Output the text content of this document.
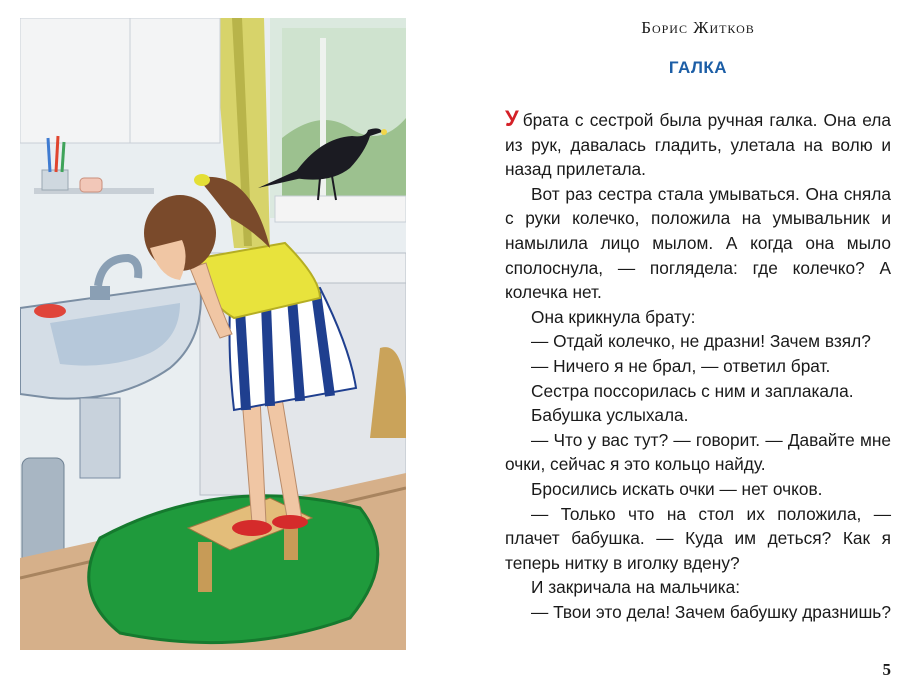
Борис Житков
ГАЛКА

У брата с сестрой была ручная галка. Она ела из рук, давалась гладить, улетала на волю и назад прилетала.

Вот раз сестра стала умываться. Она сняла с руки колечко, положила на умывальник и намылила лицо мылом. А когда она мыло сполоснула, — поглядела: где колечко? А колечка нет.

Она крикнула брату:

— Отдай колечко, не дразни! Зачем взял?

— Ничего я не брал, — ответил брат.

Сестра поссорилась с ним и заплакала.

Бабушка услыхала.

— Что у вас тут? — говорит. — Давайте мне очки, сейчас я это кольцо найду.

Бросились искать очки — нет очков.

— Только что на стол их положила, — плачет бабушка. — Куда им деться? Как я теперь нитку в иголку вдену?

И закричала на мальчика:

— Твои это дела! Зачем бабушку дразнишь?

5
